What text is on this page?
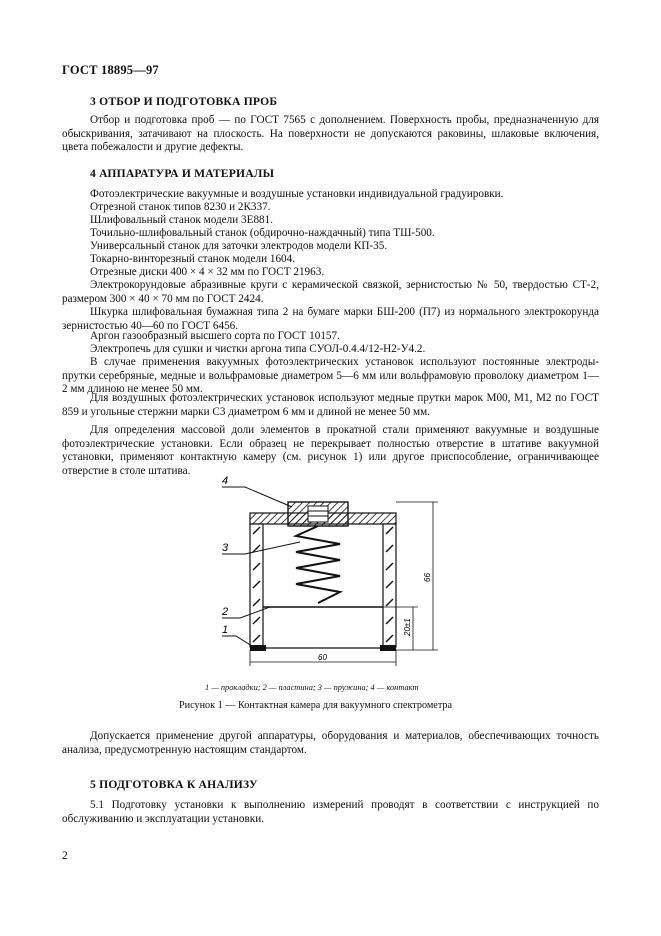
ГОСТ 18895—97
3 ОТБОР И ПОДГОТОВКА ПРОБ
Отбор и подготовка проб — по ГОСТ 7565 с дополнением. Поверхность пробы, предназначенную для обыскривания, затачивают на плоскость. На поверхности не допускаются раковины, шлаковые включения, цвета побежалости и другие дефекты.
4 АППАРАТУРА И МАТЕРИАЛЫ
Фотоэлектрические вакуумные и воздушные установки индивидуальной градуировки.
Отрезной станок типов 8230 и 2К337.
Шлифовальный станок модели 3Е881.
Точильно-шлифовальный станок (обдирочно-наждачный) типа ТШ-500.
Универсальный станок для заточки электродов модели КП-35.
Токарно-винторезный станок модели 1604.
Отрезные диски 400 × 4 × 32 мм по ГОСТ 21963.
Электрокорундовые абразивные круги с керамической связкой, зернистостью № 50, твердостью СТ-2, размером 300 × 40 × 70 мм по ГОСТ 2424.
Шкурка шлифовальная бумажная типа 2 на бумаге марки БШ-200 (П7) из нормального электрокорунда зернистостью 40—60 по ГОСТ 6456.
Аргон газообразный высшего сорта по ГОСТ 10157.
Электропечь для сушки и чистки аргона типа СУОЛ-0.4.4/12-Н2-У4.2.
В случае применения вакуумных фотоэлектрических установок используют постоянные электроды-прутки серебряные, медные и вольфрамовые диаметром 5—6 мм или вольфрамовую проволоку диаметром 1—2 мм длиною не менее 50 мм.
Для воздушных фотоэлектрических установок используют медные прутки марок М00, М1, М2 по ГОСТ 859 и угольные стержни марки С3 диаметром 6 мм и длиной не менее 50 мм.
Для определения массовой доли элементов в прокатной стали применяют вакуумные и воздушные фотоэлектрические установки. Если образец не перекрывает полностью отверстие в штативе вакуумной установки, применяют контактную камеру (см. рисунок 1) или другое приспособление, ограничивающее отверстие в столе штатива.
4
3
2
1
66
20±1
60
1 — прокладки; 2 — пластина; 3 — пружина; 4 — контакт
Рисунок 1 — Контактная камера для вакуумного спектрометра
Допускается применение другой аппаратуры, оборудования и материалов, обеспечивающих точность анализа, предусмотренную настоящим стандартом.
5 ПОДГОТОВКА К АНАЛИЗУ
5.1 Подготовку установки к выполнению измерений проводят в соответствии с инструкцией по обслуживанию и эксплуатации установки.
2
